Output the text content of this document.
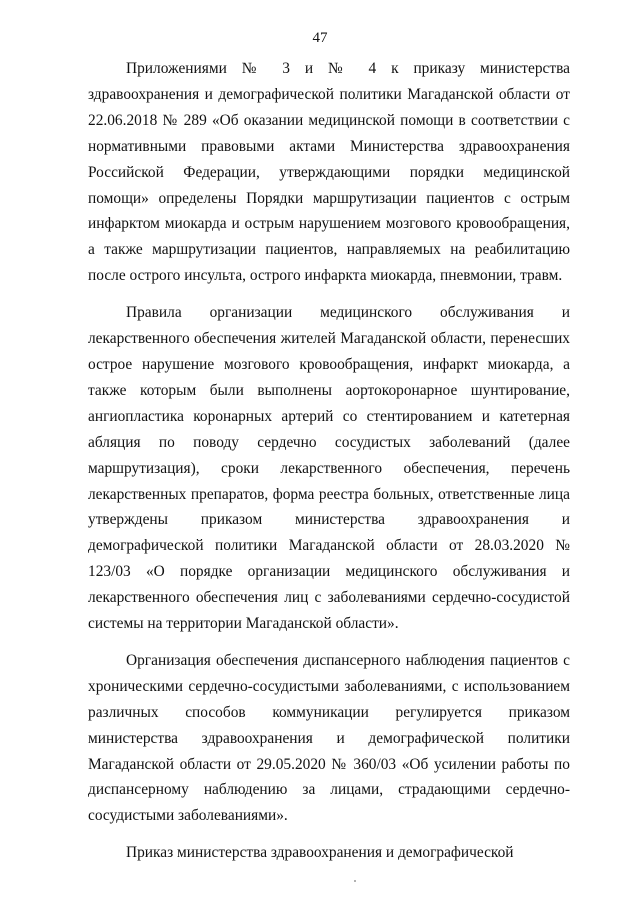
47

Приложениями № 3 и № 4 к приказу министерства здравоохранения и демографической политики Магаданской области от 22.06.2018 № 289 «Об оказании медицинской помощи в соответствии с нормативными правовыми актами Министерства здравоохранения Российской Федерации, утверждающими порядки медицинской помощи» определены Порядки маршрутизации пациентов с острым инфарктом миокарда и острым нарушением мозгового кровообращения, а также маршрутизации пациентов, направляемых на реабилитацию после острого инсульта, острого инфаркта миокарда, пневмонии, травм.

Правила организации медицинского обслуживания и лекарственного обеспечения жителей Магаданской области, перенесших острое нарушение мозгового кровообращения, инфаркт миокарда, а также которым были выполнены аортокоронарное шунтирование, ангиопластика коронарных артерий со стентированием и катетерная абляция по поводу сердечно сосудистых заболеваний (далее маршрутизация), сроки лекарственного обеспечения, перечень лекарственных препаратов, форма реестра больных, ответственные лица утверждены приказом министерства здравоохранения и демографической политики Магаданской области от 28.03.2020 № 123/03 «О порядке организации медицинского обслуживания и лекарственного обеспечения лиц с заболеваниями сердечно-сосудистой системы на территории Магаданской области».

Организация обеспечения диспансерного наблюдения пациентов с хроническими сердечно-сосудистыми заболеваниями, с использованием различных способов коммуникации регулируется приказом министерства здравоохранения и демографической политики Магаданской области от 29.05.2020 № 360/03 «Об усилении работы по диспансерному наблюдению за лицами, страдающими сердечно-сосудистыми заболеваниями».

Приказ министерства здравоохранения и демографической
